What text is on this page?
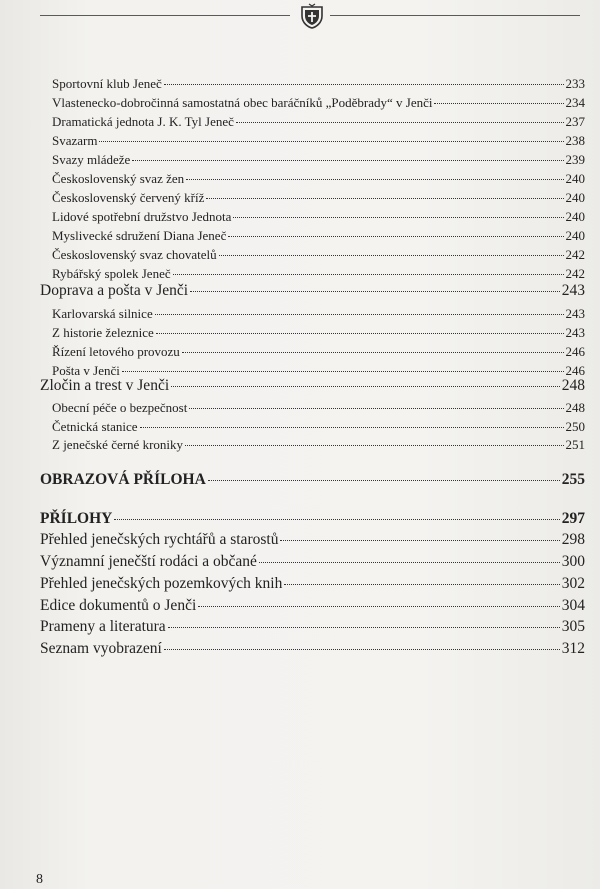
Sportovní klub Jeneč	233
Vlastenecko-dobročinná samostatná obec baráčníků „Poděbrady“ v Jenči	234
Dramatická jednota J. K. Tyl Jeneč	237
Svazarm	238
Svazy mládeže	239
Československý svaz žen	240
Československý červený kříž	240
Lidové spotřební družstvo Jednota	240
Myslivecké sdružení Diana Jeneč	240
Československý svaz chovatelů	242
Rybářský spolek Jeneč	242
Doprava a pošta v Jenči	243
Karlovarská silnice	243
Z historie železnice	243
Řízení letového provozu	246
Pošta v Jenči	246
Zločin a trest v Jenči	248
Obecní péče o bezpečnost	248
Četnická stanice	250
Z jenečské černé kroniky	251
OBRAZOVÁ PŘÍLOHA	255
PŘÍLOHY	297
Přehled jenečských rychtářů a starostů	298
Významní jenečští rodáci a občané	300
Přehled jenečských pozemkových knih	302
Edice dokumentů o Jenči	304
Prameny a literatura	305
Seznam vyobrazení	312
8
